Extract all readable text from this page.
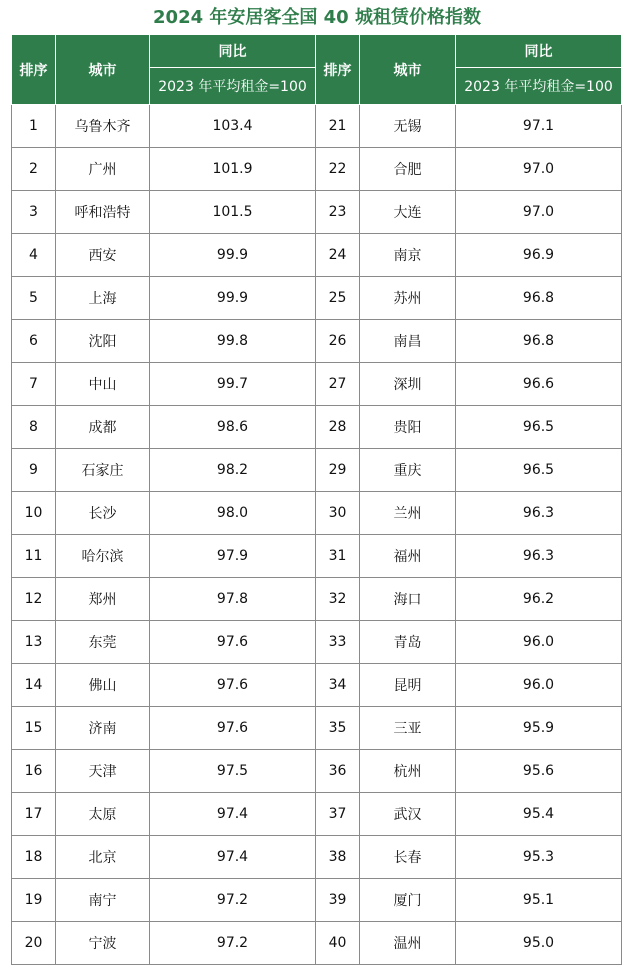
2024 年安居客全国 40 城租赁价格指数
排序	城市	同比	排序	城市	同比
		2023 年平均租金=100			2023 年平均租金=100
1	乌鲁木齐	103.4	21	无锡	97.1
2	广州	101.9	22	合肥	97.0
3	呼和浩特	101.5	23	大连	97.0
4	西安	99.9	24	南京	96.9
5	上海	99.9	25	苏州	96.8
6	沈阳	99.8	26	南昌	96.8
7	中山	99.7	27	深圳	96.6
8	成都	98.6	28	贵阳	96.5
9	石家庄	98.2	29	重庆	96.5
10	长沙	98.0	30	兰州	96.3
11	哈尔滨	97.9	31	福州	96.3
12	郑州	97.8	32	海口	96.2
13	东莞	97.6	33	青岛	96.0
14	佛山	97.6	34	昆明	96.0
15	济南	97.6	35	三亚	95.9
16	天津	97.5	36	杭州	95.6
17	太原	97.4	37	武汉	95.4
18	北京	97.4	38	长春	95.3
19	南宁	97.2	39	厦门	95.1
20	宁波	97.2	40	温州	95.0
